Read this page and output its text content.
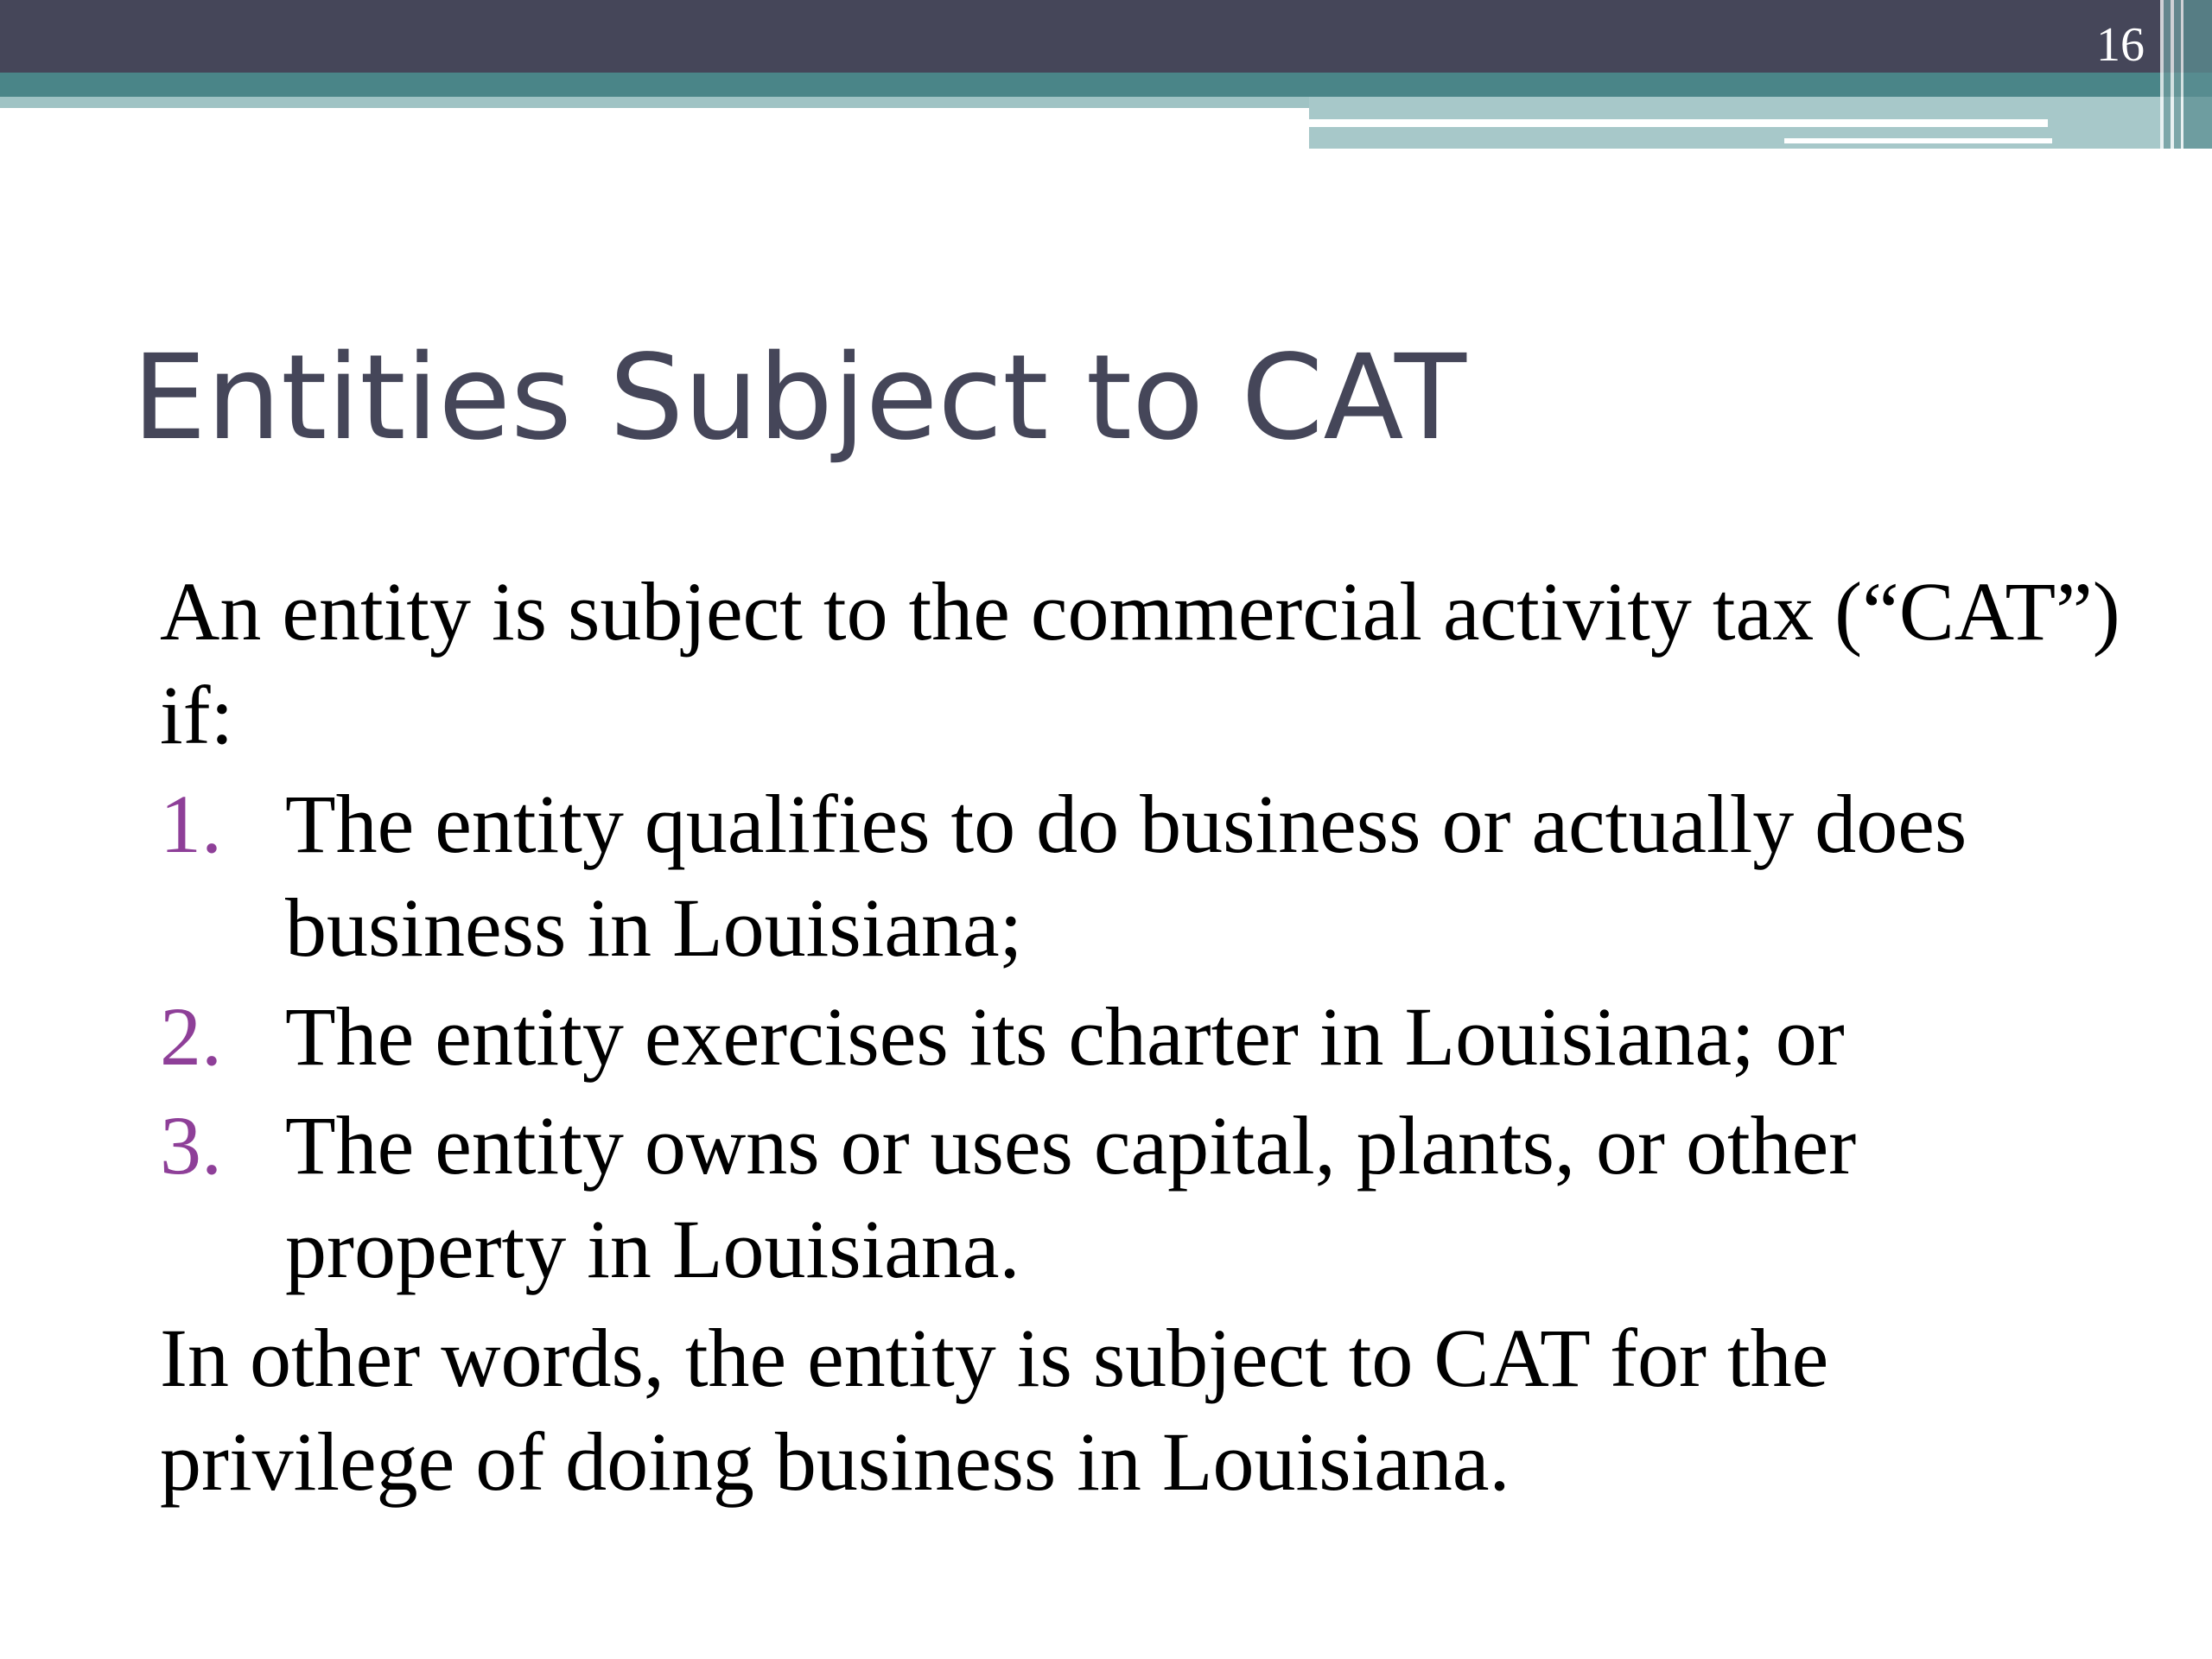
16
Entities Subject to CAT

An entity is subject to the commercial activity tax (“CAT”) if:

1. The entity qualifies to do business or actually does business in Louisiana;
2. The entity exercises its charter in Louisiana; or
3. The entity owns or uses capital, plants, or other property in Louisiana.

In other words, the entity is subject to CAT for the privilege of doing business in Louisiana.
